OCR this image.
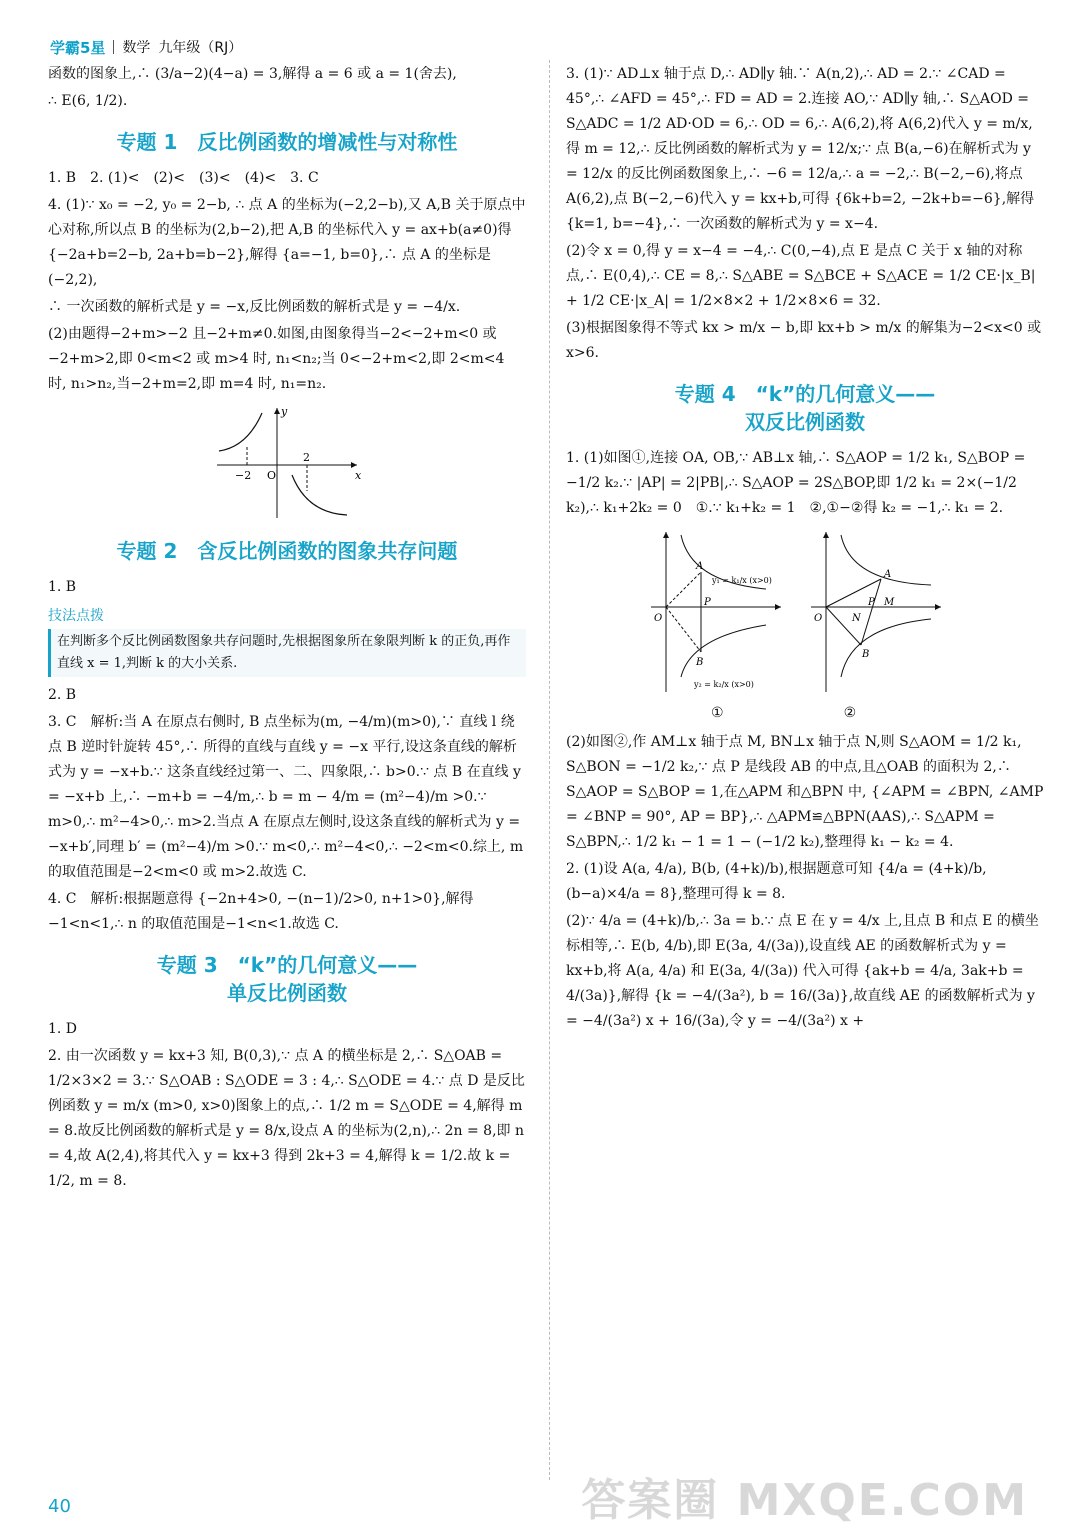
学霸5星 数学 九年级（RJ）

函数的图象上,∴ (3/a−2)(4−a) = 3,解得 a = 6 或 a = 1(舍去),

∴ E(6, 1/2).

专题 1　反比例函数的增减性与对称性

1. B　2. (1)<　(2)<　(3)<　(4)<　3. C

4. (1)∵ x₀ = −2, y₀ = 2−b, ∴ 点 A 的坐标为(−2,2−b),又 A,B 关于原点中心对称,所以点 B 的坐标为(2,b−2),把 A,B 的坐标代入 y = ax+b(a≠0)得 {−2a+b=2−b, 2a+b=b−2},解得 {a=−1, b=0},∴ 点 A 的坐标是(−2,2),

∴ 一次函数的解析式是 y = −x,反比例函数的解析式是 y = −4/x.

(2)由题得−2+m>−2 且−2+m≠0.如图,由图象得当−2<−2+m<0 或−2+m>2,即 0<m<2 或 m>4 时, n₁<n₂;当 0<−2+m<2,即 2<m<4 时, n₁>n₂,当−2+m=2,即 m=4 时, n₁=n₂.

y
x
O
−2
2
专题 2　含反比例函数的图象共存问题

1. B

技法点拨
在判断多个反比例函数图象共存问题时,先根据图象所在象限判断 k 的正负,再作直线 x = 1,判断 k 的大小关系.

2. B

3. C　解析:当 A 在原点右侧时, B 点坐标为(m, −4/m)(m>0),∵ 直线 l 绕点 B 逆时针旋转 45°,∴ 所得的直线与直线 y = −x 平行,设这条直线的解析式为 y = −x+b.∵ 这条直线经过第一、二、四象限,∴ b>0.∵ 点 B 在直线 y = −x+b 上,∴ −m+b = −4/m,∴ b = m − 4/m = (m²−4)/m >0.∵ m>0,∴ m²−4>0,∴ m>2.当点 A 在原点左侧时,设这条直线的解析式为 y = −x+b′,同理 b′ = (m²−4)/m >0.∵ m<0,∴ m²−4<0,∴ −2<m<0.综上, m 的取值范围是−2<m<0 或 m>2.故选 C.

4. C　解析:根据题意得 {−2n+4>0, −(n−1)/2>0, n+1>0},解得−1<n<1,∴ n 的取值范围是−1<n<1.故选 C.

专题 3　“k”的几何意义——
单反比例函数

1. D

2. 由一次函数 y = kx+3 知, B(0,3),∵ 点 A 的横坐标是 2,∴ S△OAB = 1/2×3×2 = 3.∵ S△OAB : S△ODE = 3 : 4,∴ S△ODE = 4.∵ 点 D 是反比例函数 y = m/x (m>0, x>0)图象上的点,∴ 1/2 m = S△ODE = 4,解得 m = 8.故反比例函数的解析式是 y = 8/x,设点 A 的坐标为(2,n),∴ 2n = 8,即 n = 4,故 A(2,4),将其代入 y = kx+3 得到 2k+3 = 4,解得 k = 1/2.故 k = 1/2, m = 8.

3. (1)∵ AD⊥x 轴于点 D,∴ AD∥y 轴.∵ A(n,2),∴ AD = 2.∵ ∠CAD = 45°,∴ ∠AFD = 45°,∴ FD = AD = 2.连接 AO,∵ AD∥y 轴,∴ S△AOD = S△ADC = 1/2 AD·OD = 6,∴ OD = 6,∴ A(6,2),将 A(6,2)代入 y = m/x,得 m = 12,∴ 反比例函数的解析式为 y = 12/x;∵ 点 B(a,−6)在解析式为 y = 12/x 的反比例函数图象上,∴ −6 = 12/a,∴ a = −2,∴ B(−2,−6),将点 A(6,2),点 B(−2,−6)代入 y = kx+b,可得 {6k+b=2, −2k+b=−6},解得 {k=1, b=−4},∴ 一次函数的解析式为 y = x−4.

(2)令 x = 0,得 y = x−4 = −4,∴ C(0,−4),点 E 是点 C 关于 x 轴的对称点,∴ E(0,4),∴ CE = 8,∴ S△ABE = S△BCE + S△ACE = 1/2 CE·|x_B| + 1/2 CE·|x_A| = 1/2×8×2 + 1/2×8×6 = 32.

(3)根据图象得不等式 kx > m/x − b,即 kx+b > m/x 的解集为−2<x<0 或 x>6.

专题 4　“k”的几何意义——
双反比例函数

1. (1)如图①,连接 OA, OB,∵ AB⊥x 轴,∴ S△AOP = 1/2 k₁, S△BOP = −1/2 k₂.∵ |AP| = 2|PB|,∴ S△AOP = 2S△BOP,即 1/2 k₁ = 2×(−1/2 k₂),∴ k₁+2k₂ = 0　①.∵ k₁+k₂ = 1　②,①−②得 k₂ = −1,∴ k₁ = 2.

A
P
B
O
y₁ = k₁/x (x>0)
y₂ = k₂/x (x>0)
A
P M
N
B
O
①	②

(2)如图②,作 AM⊥x 轴于点 M, BN⊥x 轴于点 N,则 S△AOM = 1/2 k₁, S△BON = −1/2 k₂,∵ 点 P 是线段 AB 的中点,且△OAB 的面积为 2,∴ S△AOP = S△BOP = 1,在△APM 和△BPN 中, {∠APM = ∠BPN, ∠AMP = ∠BNP = 90°, AP = BP},∴ △APM≌△BPN(AAS),∴ S△APM = S△BPN,∴ 1/2 k₁ − 1 = 1 − (−1/2 k₂),整理得 k₁ − k₂ = 4.

2. (1)设 A(a, 4/a), B(b, (4+k)/b),根据题意可知 {4/a = (4+k)/b, (b−a)×4/a = 8},整理可得 k = 8.

(2)∵ 4/a = (4+k)/b,∴ 3a = b.∵ 点 E 在 y = 4/x 上,且点 B 和点 E 的横坐标相等,∴ E(b, 4/b),即 E(3a, 4/(3a)),设直线 AE 的函数解析式为 y = kx+b,将 A(a, 4/a) 和 E(3a, 4/(3a)) 代入可得 {ak+b = 4/a, 3ak+b = 4/(3a)},解得 {k = −4/(3a²), b = 16/(3a)},故直线 AE 的函数解析式为 y = −4/(3a²) x + 16/(3a),令 y = −4/(3a²) x +

40	答案圈 MXQE.COM
